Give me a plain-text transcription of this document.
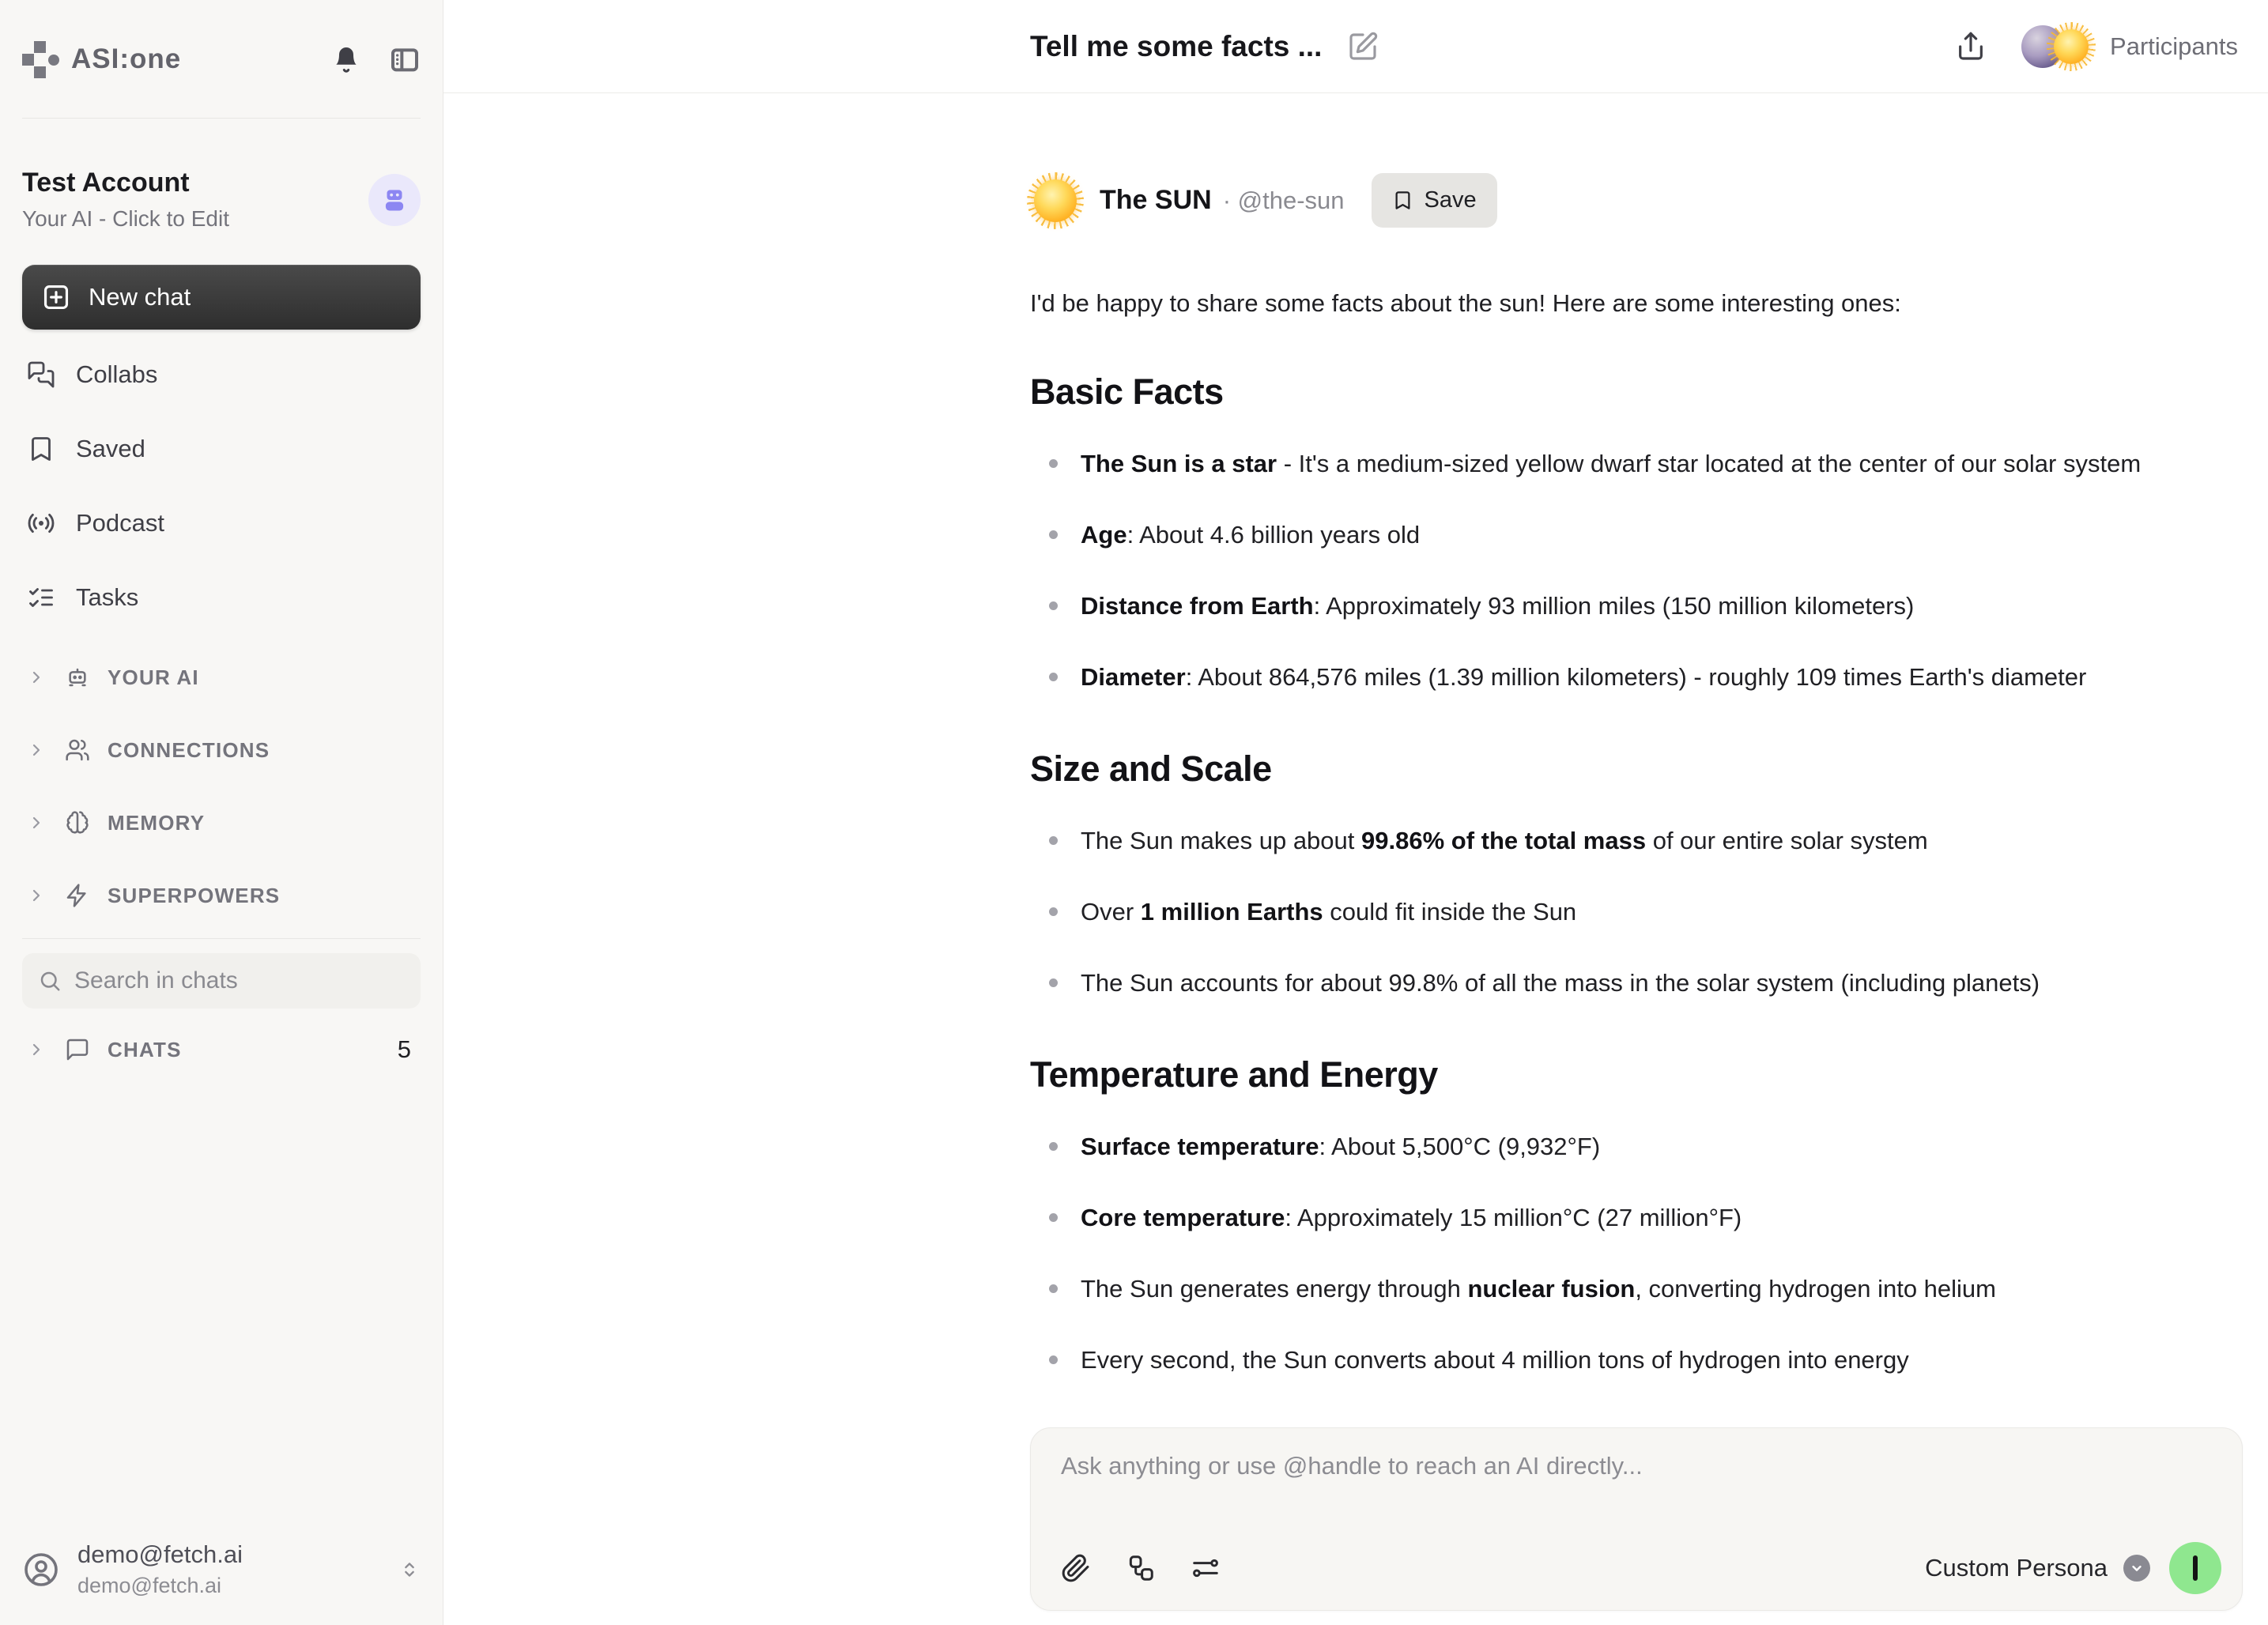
ASI:one
Test Account
Your AI - Click to Edit
New chat
Collabs
Saved
Podcast
Tasks
YOUR AI
CONNECTIONS
MEMORY
SUPERPOWERS
Search in chats
CHATS	5
demo@fetch.ai
demo@fetch.ai
Tell me some facts ...	Participants
The SUN · @the-sun	Save

I'd be happy to share some facts about the sun! Here are some interesting ones:

Basic Facts
The Sun is a star - It's a medium-sized yellow dwarf star located at the center of our solar system
Age: About 4.6 billion years old
Distance from Earth: Approximately 93 million miles (150 million kilometers)
Diameter: About 864,576 miles (1.39 million kilometers) - roughly 109 times Earth's diameter
Size and Scale
The Sun makes up about 99.86% of the total mass of our entire solar system
Over 1 million Earths could fit inside the Sun
The Sun accounts for about 99.8% of all the mass in the solar system (including planets)
Temperature and Energy
Surface temperature: About 5,500°C (9,932°F)
Core temperature: Approximately 15 million°C (27 million°F)
The Sun generates energy through nuclear fusion, converting hydrogen into helium
Every second, the Sun converts about 4 million tons of hydrogen into energy
Ask anything or use @handle to reach an AI directly...
Custom Persona
